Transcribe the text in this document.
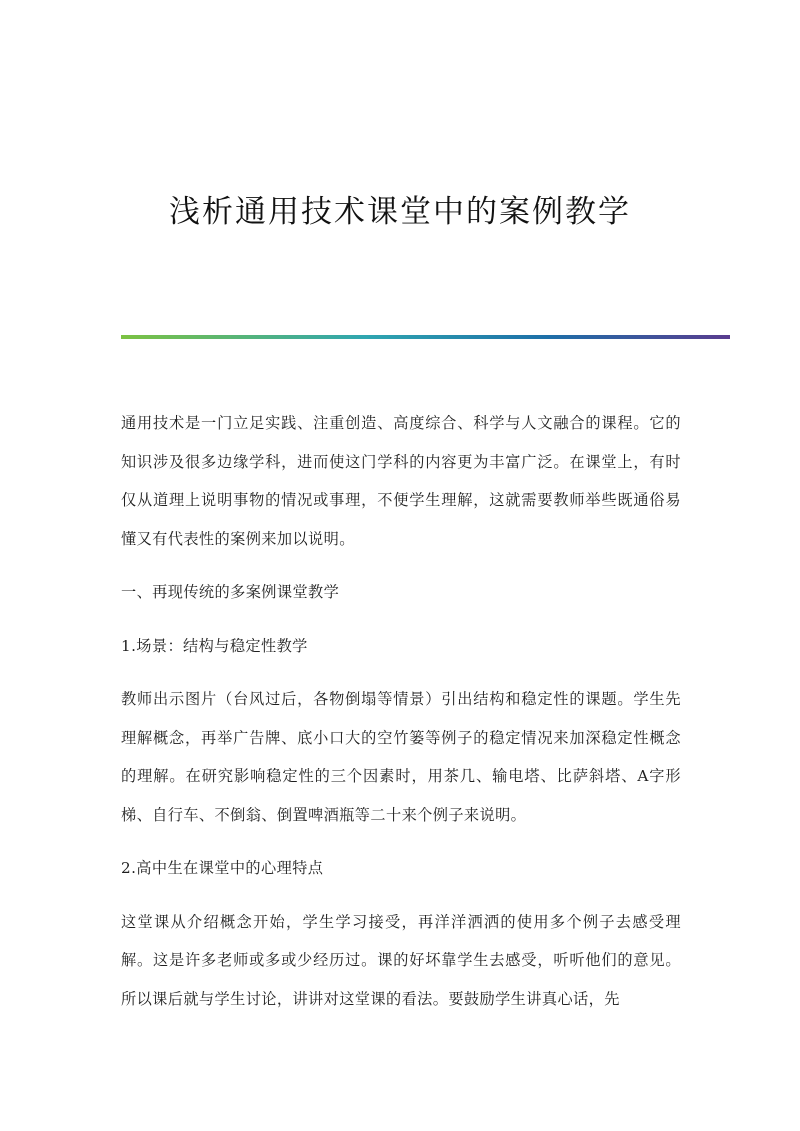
浅析通用技术课堂中的案例教学

通用技术是一门立足实践、注重创造、高度综合、科学与人文融合的课程。它的知识涉及很多边缘学科，进而使这门学科的内容更为丰富广泛。在课堂上，有时仅从道理上说明事物的情况或事理，不便学生理解，这就需要教师举些既通俗易懂又有代表性的案例来加以说明。

一、再现传统的多案例课堂教学

1.场景：结构与稳定性教学

教师出示图片（台风过后，各物倒塌等情景）引出结构和稳定性的课题。学生先理解概念，再举广告牌、底小口大的空竹篓等例子的稳定情况来加深稳定性概念的理解。在研究影响稳定性的三个因素时，用茶几、输电塔、比萨斜塔、A字形梯、自行车、不倒翁、倒置啤酒瓶等二十来个例子来说明。

2.高中生在课堂中的心理特点

这堂课从介绍概念开始，学生学习接受，再洋洋洒洒的使用多个例子去感受理解。这是许多老师或多或少经历过。课的好坏靠学生去感受，听听他们的意见。所以课后就与学生讨论，讲讲对这堂课的看法。要鼓励学生讲真心话，先
